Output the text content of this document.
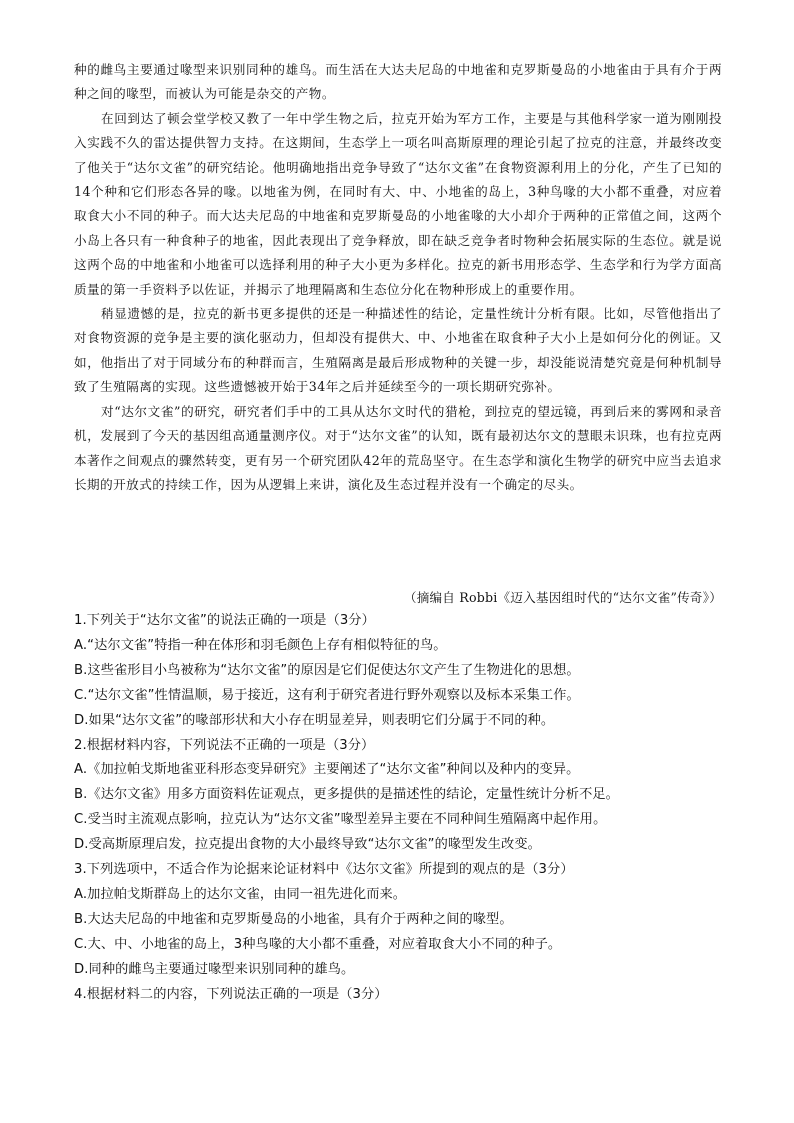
种的雌鸟主要通过喙型来识别同种的雄鸟。而生活在大达夫尼岛的中地雀和克罗斯曼岛的小地雀由于具有介于两种之间的喙型，而被认为可能是杂交的产物。

在回到达了顿会堂学校又教了一年中学生物之后，拉克开始为军方工作，主要是与其他科学家一道为刚刚投入实践不久的雷达提供智力支持。在这期间，生态学上一项名叫高斯原理的理论引起了拉克的注意，并最终改变了他关于“达尔文雀”的研究结论。他明确地指出竞争导致了“达尔文雀”在食物资源利用上的分化，产生了已知的14个种和它们形态各异的喙。以地雀为例，在同时有大、中、小地雀的岛上，3种鸟喙的大小都不重叠，对应着取食大小不同的种子。而大达夫尼岛的中地雀和克罗斯曼岛的小地雀喙的大小却介于两种的正常值之间，这两个小岛上各只有一种食种子的地雀，因此表现出了竞争释放，即在缺乏竞争者时物种会拓展实际的生态位。就是说这两个岛的中地雀和小地雀可以选择利用的种子大小更为多样化。拉克的新书用形态学、生态学和行为学方面高质量的第一手资料予以佐证，并揭示了地理隔离和生态位分化在物种形成上的重要作用。

稍显遗憾的是，拉克的新书更多提供的还是一种描述性的结论，定量性统计分析有限。比如，尽管他指出了对食物资源的竞争是主要的演化驱动力，但却没有提供大、中、小地雀在取食种子大小上是如何分化的例证。又如，他指出了对于同域分布的种群而言，生殖隔离是最后形成物种的关键一步，却没能说清楚究竟是何种机制导致了生殖隔离的实现。这些遗憾被开始于34年之后并延续至今的一项长期研究弥补。

对“达尔文雀”的研究，研究者们手中的工具从达尔文时代的猎枪，到拉克的望远镜，再到后来的雾网和录音机，发展到了今天的基因组高通量测序仪。对于“达尔文雀”的认知，既有最初达尔文的慧眼未识珠，也有拉克两本著作之间观点的骤然转变，更有另一个研究团队42年的荒岛坚守。在生态学和演化生物学的研究中应当去追求长期的开放式的持续工作，因为从逻辑上来讲，演化及生态过程并没有一个确定的尽头。

（摘编自 Robbi《迈入基因组时代的“达尔文雀”传奇》）
1.下列关于“达尔文雀”的说法正确的一项是（3分）
A.“达尔文雀”特指一种在体形和羽毛颜色上存有相似特征的鸟。
B.这些雀形目小鸟被称为“达尔文雀”的原因是它们促使达尔文产生了生物进化的思想。
C.“达尔文雀”性情温顺，易于接近，这有利于研究者进行野外观察以及标本采集工作。
D.如果“达尔文雀”的喙部形状和大小存在明显差异，则表明它们分属于不同的种。
2.根据材料内容，下列说法不正确的一项是（3分）
A.《加拉帕戈斯地雀亚科形态变异研究》主要阐述了“达尔文雀”种间以及种内的变异。
B.《达尔文雀》用多方面资料佐证观点，更多提供的是描述性的结论，定量性统计分析不足。
C.受当时主流观点影响，拉克认为“达尔文雀”喙型差异主要在不同种间生殖隔离中起作用。
D.受高斯原理启发，拉克提出食物的大小最终导致“达尔文雀”的喙型发生改变。
3.下列选项中，不适合作为论据来论证材料中《达尔文雀》所提到的观点的是（3分）
A.加拉帕戈斯群岛上的达尔文雀，由同一祖先进化而来。
B.大达夫尼岛的中地雀和克罗斯曼岛的小地雀，具有介于两种之间的喙型。
C.大、中、小地雀的岛上，3种鸟喙的大小都不重叠，对应着取食大小不同的种子。
D.同种的雌鸟主要通过喙型来识别同种的雄鸟。
4.根据材料二的内容，下列说法正确的一项是（3分）
